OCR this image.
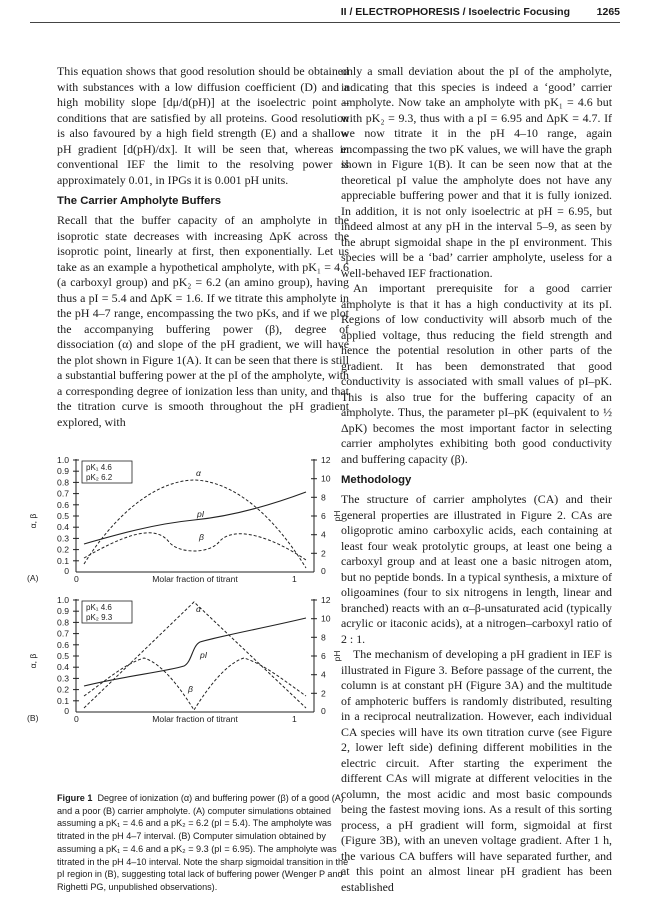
II / ELECTROPHORESIS / Isoelectric Focusing	1265

This equation shows that good resolution should be obtained with substances with a low diffusion coefficient (D) and a high mobility slope [dμ/d(pH)] at the isoelectric point – conditions that are satisfied by all proteins. Good resolution is also favoured by a high field strength (E) and a shallow pH gradient [d(pH)/dx]. It will be seen that, whereas in conventional IEF the limit to the resolving power is approximately 0.01, in IPGs it is 0.001 pH units.

The Carrier Ampholyte Buffers

Recall that the buffer capacity of an ampholyte in the isoprotic state decreases with increasing ΔpK across the isoprotic point, linearly at first, then exponentially. Let us take as an example a hypothetical ampholyte, with pK₁ = 4.6 (a carboxyl group) and pK₂ = 6.2 (an amino group), having thus a pI = 5.4 and ΔpK = 1.6. If we titrate this ampholyte in the pH 4–7 range, encompassing the two pKs, and if we plot the accompanying buffering power (β), degree of dissociation (α) and slope of the pH gradient, we will have the plot shown in Figure 1(A). It can be seen that there is still a substantial buffering power at the pI of the ampholyte, with a corresponding degree of ionization less than unity, and that the titration curve is smooth throughout the pH gradient explored, with

only a small deviation about the pI of the ampholyte, indicating that this species is indeed a ‘good’ carrier ampholyte. Now take an ampholyte with pK₁ = 4.6 but with pK₂ = 9.3, thus with a pI = 6.95 and ΔpK = 4.7. If we now titrate it in the pH 4–10 range, again encompassing the two pK values, we will have the graph shown in Figure 1(B). It can be seen now that at the theoretical pI value the ampholyte does not have any appreciable buffering power and that it is fully ionized. In addition, it is not only isoelectric at pH = 6.95, but indeed almost at any pH in the interval 5–9, as seen by the abrupt sigmoidal shape in the pI environment. This species will be a ‘bad’ carrier ampholyte, useless for a well-behaved IEF fractionation.

An important prerequisite for a good carrier ampholyte is that it has a high conductivity at its pI. Regions of low conductivity will absorb much of the applied voltage, thus reducing the field strength and hence the potential resolution in other parts of the gradient. It has been demonstrated that good conductivity is associated with small values of pI–pK. This is also true for the buffering capacity of an ampholyte. Thus, the parameter pI–pK (equivalent to ½ ΔpK) becomes the most important factor in selecting carrier ampholytes exhibiting both good conductivity and buffering capacity (β).

Methodology

The structure of carrier ampholytes (CA) and their general properties are illustrated in Figure 2. CAs are oligoprotic amino carboxylic acids, each containing at least four weak protolytic groups, at least one being a carboxyl group and at least one a basic nitrogen atom, but no peptide bonds. In a typical synthesis, a mixture of oligoamines (four to six nitrogens in length, linear and branched) reacts with an α–β-unsaturated acid (typically acrylic or itaconic acids), at a nitrogen–carboxyl ratio of 2 : 1.

The mechanism of developing a pH gradient in IEF is illustrated in Figure 3. Before passage of the current, the column is at constant pH (Figure 3A) and the multitude of amphoteric buffers is randomly distributed, resulting in a reciprocal neutralization. However, each individual CA species will have its own titration curve (see Figure 2, lower left side) defining different mobilities in the electric circuit. After starting the experiment the different CAs will migrate at different velocities in the column, the most acidic and most basic compounds being the fastest moving ions. As a result of this sorting process, a pH gradient will form, sigmoidal at first (Figure 3B), with an uneven voltage gradient. After 1 h, the various CA buffers will have separated further, and at this point an almost linear pH gradient has been established

1.0
0.9
0.8
0.7
0.6
0.5
0.4
0.3
0.2
0.1
0
12
10
8
6
4
2
0
α, β	pH
(A)	0	Molar fraction of titrant	1
pK₁ 4.6
pK₂ 6.2	α
pI
β
1.0
0.9
0.8
0.7
0.6
0.5
0.4
0.3
0.2
0.1
0
12
10
8
6
4
2
0
α, β	pH
(B)	0	Molar fraction of titrant	1
pK₁ 4.6
pK₂ 9.3
α
pI
β

Figure 1 Degree of ionization (α) and buffering power (β) of a good (A) and a poor (B) carrier ampholyte. (A) computer simulations obtained assuming a pK₁ = 4.6 and a pK₂ = 6.2 (pI = 5.4). The ampholyte was titrated in the pH 4–7 interval. (B) Computer simulation obtained by assuming a pK₁ = 4.6 and a pK₂ = 9.3 (pI = 6.95). The ampholyte was titrated in the pH 4–10 interval. Note the sharp sigmoidal transition in the pI region in (B), suggesting total lack of buffering power (Wenger P and Righetti PG, unpublished observations).
